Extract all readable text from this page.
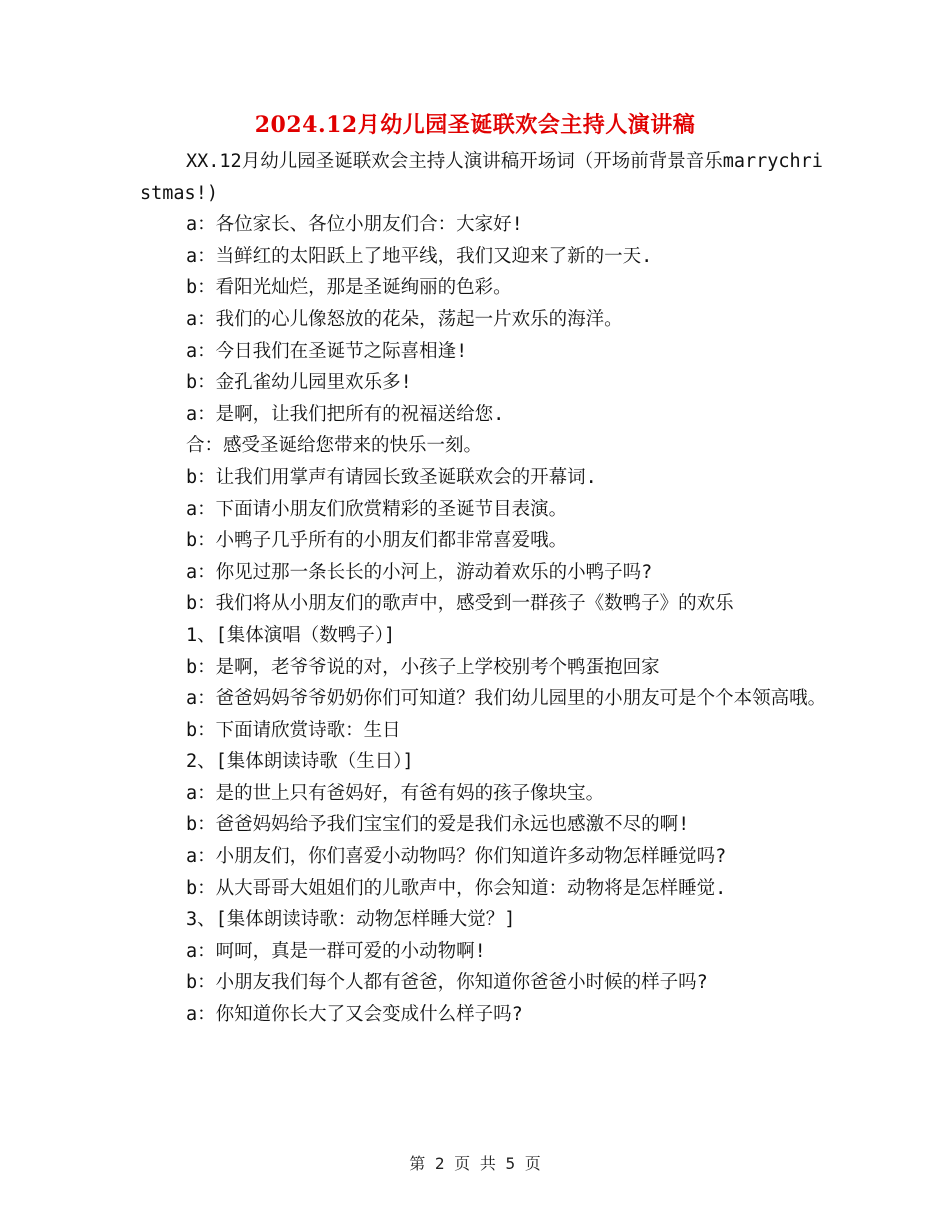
2024.12月幼儿园圣诞联欢会主持人演讲稿

XX.12月幼儿园圣诞联欢会主持人演讲稿开场词（开场前背景音乐marrychristmas!)

a：各位家长、各位小朋友们合：大家好!

a：当鲜红的太阳跃上了地平线，我们又迎来了新的一天.

b：看阳光灿烂，那是圣诞绚丽的色彩。

a：我们的心儿像怒放的花朵，荡起一片欢乐的海洋。

a：今日我们在圣诞节之际喜相逢!

b：金孔雀幼儿园里欢乐多!

a：是啊，让我们把所有的祝福送给您.

合：感受圣诞给您带来的快乐一刻。

b：让我们用掌声有请园长致圣诞联欢会的开幕词.

a：下面请小朋友们欣赏精彩的圣诞节目表演。

b：小鸭子几乎所有的小朋友们都非常喜爱哦。

a：你见过那一条长长的小河上，游动着欢乐的小鸭子吗?

b：我们将从小朋友们的歌声中，感受到一群孩子《数鸭子》的欢乐

1、[集体演唱（数鸭子）]

b：是啊，老爷爷说的对，小孩子上学校别考个鸭蛋抱回家

a：爸爸妈妈爷爷奶奶你们可知道？我们幼儿园里的小朋友可是个个本领高哦。

b：下面请欣赏诗歌：生日

2、[集体朗读诗歌（生日）]

a：是的世上只有爸妈好，有爸有妈的孩子像块宝。

b：爸爸妈妈给予我们宝宝们的爱是我们永远也感激不尽的啊!

a：小朋友们，你们喜爱小动物吗？你们知道许多动物怎样睡觉吗?

b：从大哥哥大姐姐们的儿歌声中，你会知道：动物将是怎样睡觉.

3、[集体朗读诗歌：动物怎样睡大觉？]

a：呵呵，真是一群可爱的小动物啊!

b：小朋友我们每个人都有爸爸，你知道你爸爸小时候的样子吗?

a：你知道你长大了又会变成什么样子吗?

第 2 页 共 5 页
